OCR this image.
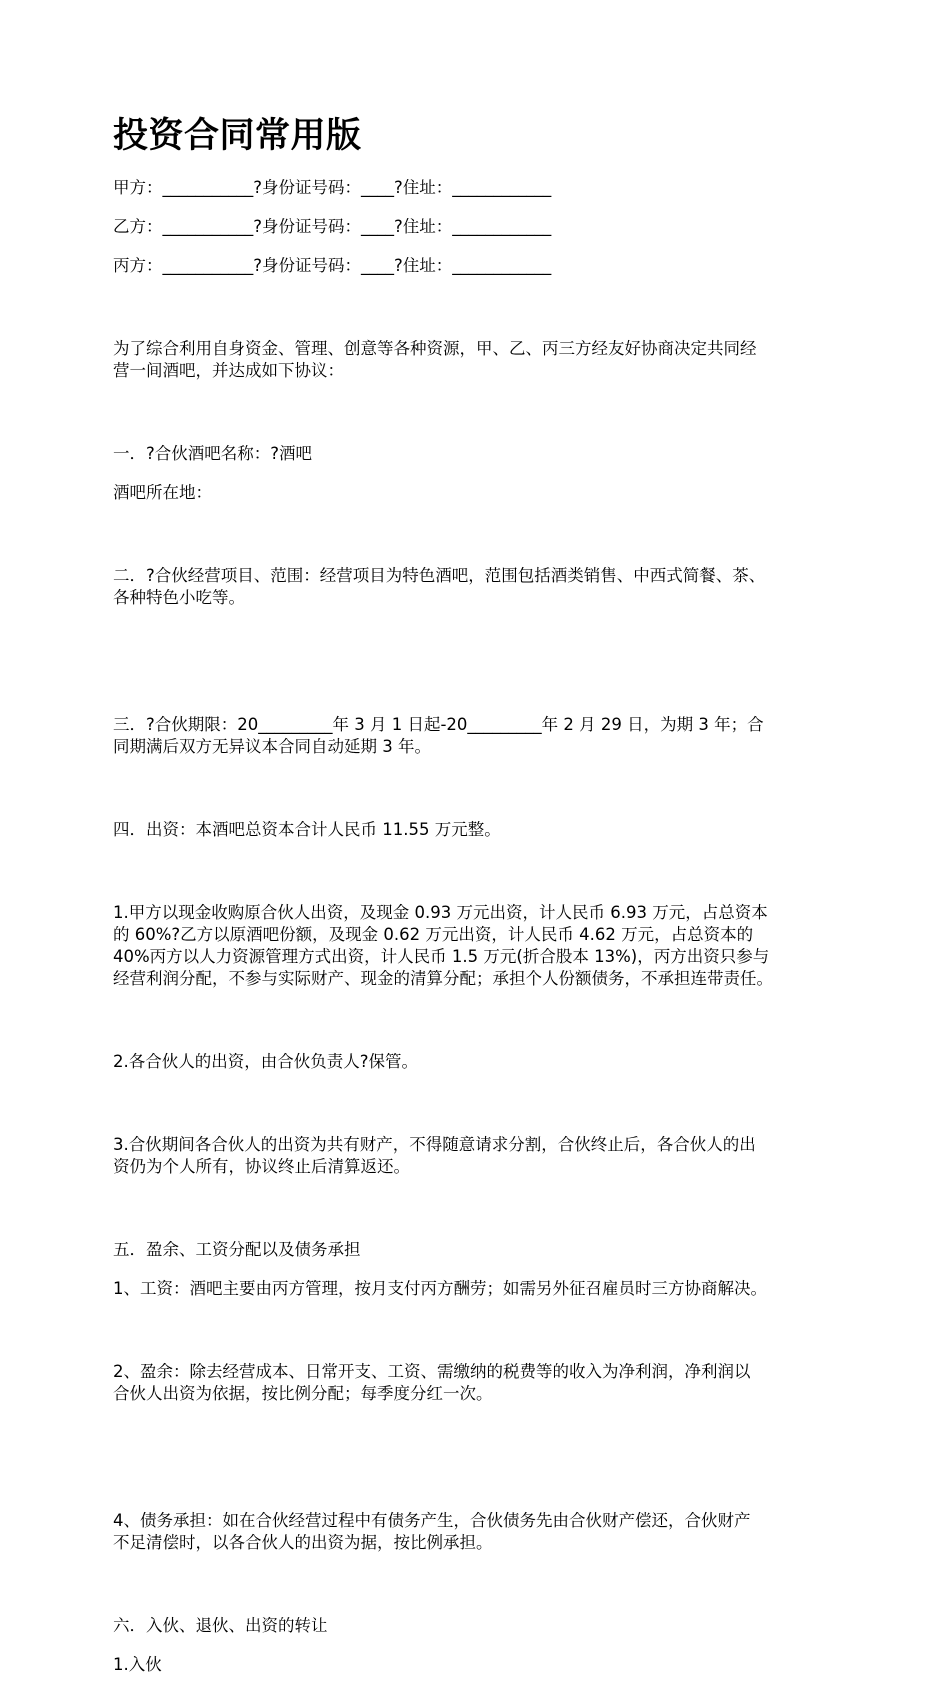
投资合同常用版

甲方：___________?身份证号码：____?住址：____________

乙方：___________?身份证号码：____?住址：____________

丙方：___________?身份证号码：____?住址：____________

为了综合利用自身资金、管理、创意等各种资源，甲、乙、丙三方经友好协商决定共同经
营一间酒吧，并达成如下协议：

一．?合伙酒吧名称：?酒吧

酒吧所在地：

二．?合伙经营项目、范围：经营项目为特色酒吧，范围包括酒类销售、中西式简餐、茶、
各种特色小吃等。

三．?合伙期限：20_________年 3 月 1 日起-20_________年 2 月 29 日，为期 3 年；合
同期满后双方无异议本合同自动延期 3 年。

四．出资：本酒吧总资本合计人民币 11.55 万元整。

1.甲方以现金收购原合伙人出资，及现金 0.93 万元出资，计人民币 6.93 万元，占总资本
的 60%?乙方以原酒吧份额，及现金 0.62 万元出资，计人民币 4.62 万元，占总资本的
40%丙方以人力资源管理方式出资，计人民币 1.5 万元(折合股本 13%)，丙方出资只参与
经营利润分配，不参与实际财产、现金的清算分配；承担个人份额债务，不承担连带责任。

2.各合伙人的出资，由合伙负责人?保管。

3.合伙期间各合伙人的出资为共有财产，不得随意请求分割，合伙终止后，各合伙人的出
资仍为个人所有，协议终止后清算返还。

五．盈余、工资分配以及债务承担

1、工资：酒吧主要由丙方管理，按月支付丙方酬劳；如需另外征召雇员时三方协商解决。

2、盈余：除去经营成本、日常开支、工资、需缴纳的税费等的收入为净利润，净利润以
合伙人出资为依据，按比例分配；每季度分红一次。

4、债务承担：如在合伙经营过程中有债务产生，合伙债务先由合伙财产偿还，合伙财产
不足清偿时，以各合伙人的出资为据，按比例承担。

六．入伙、退伙、出资的转让

1.入伙
